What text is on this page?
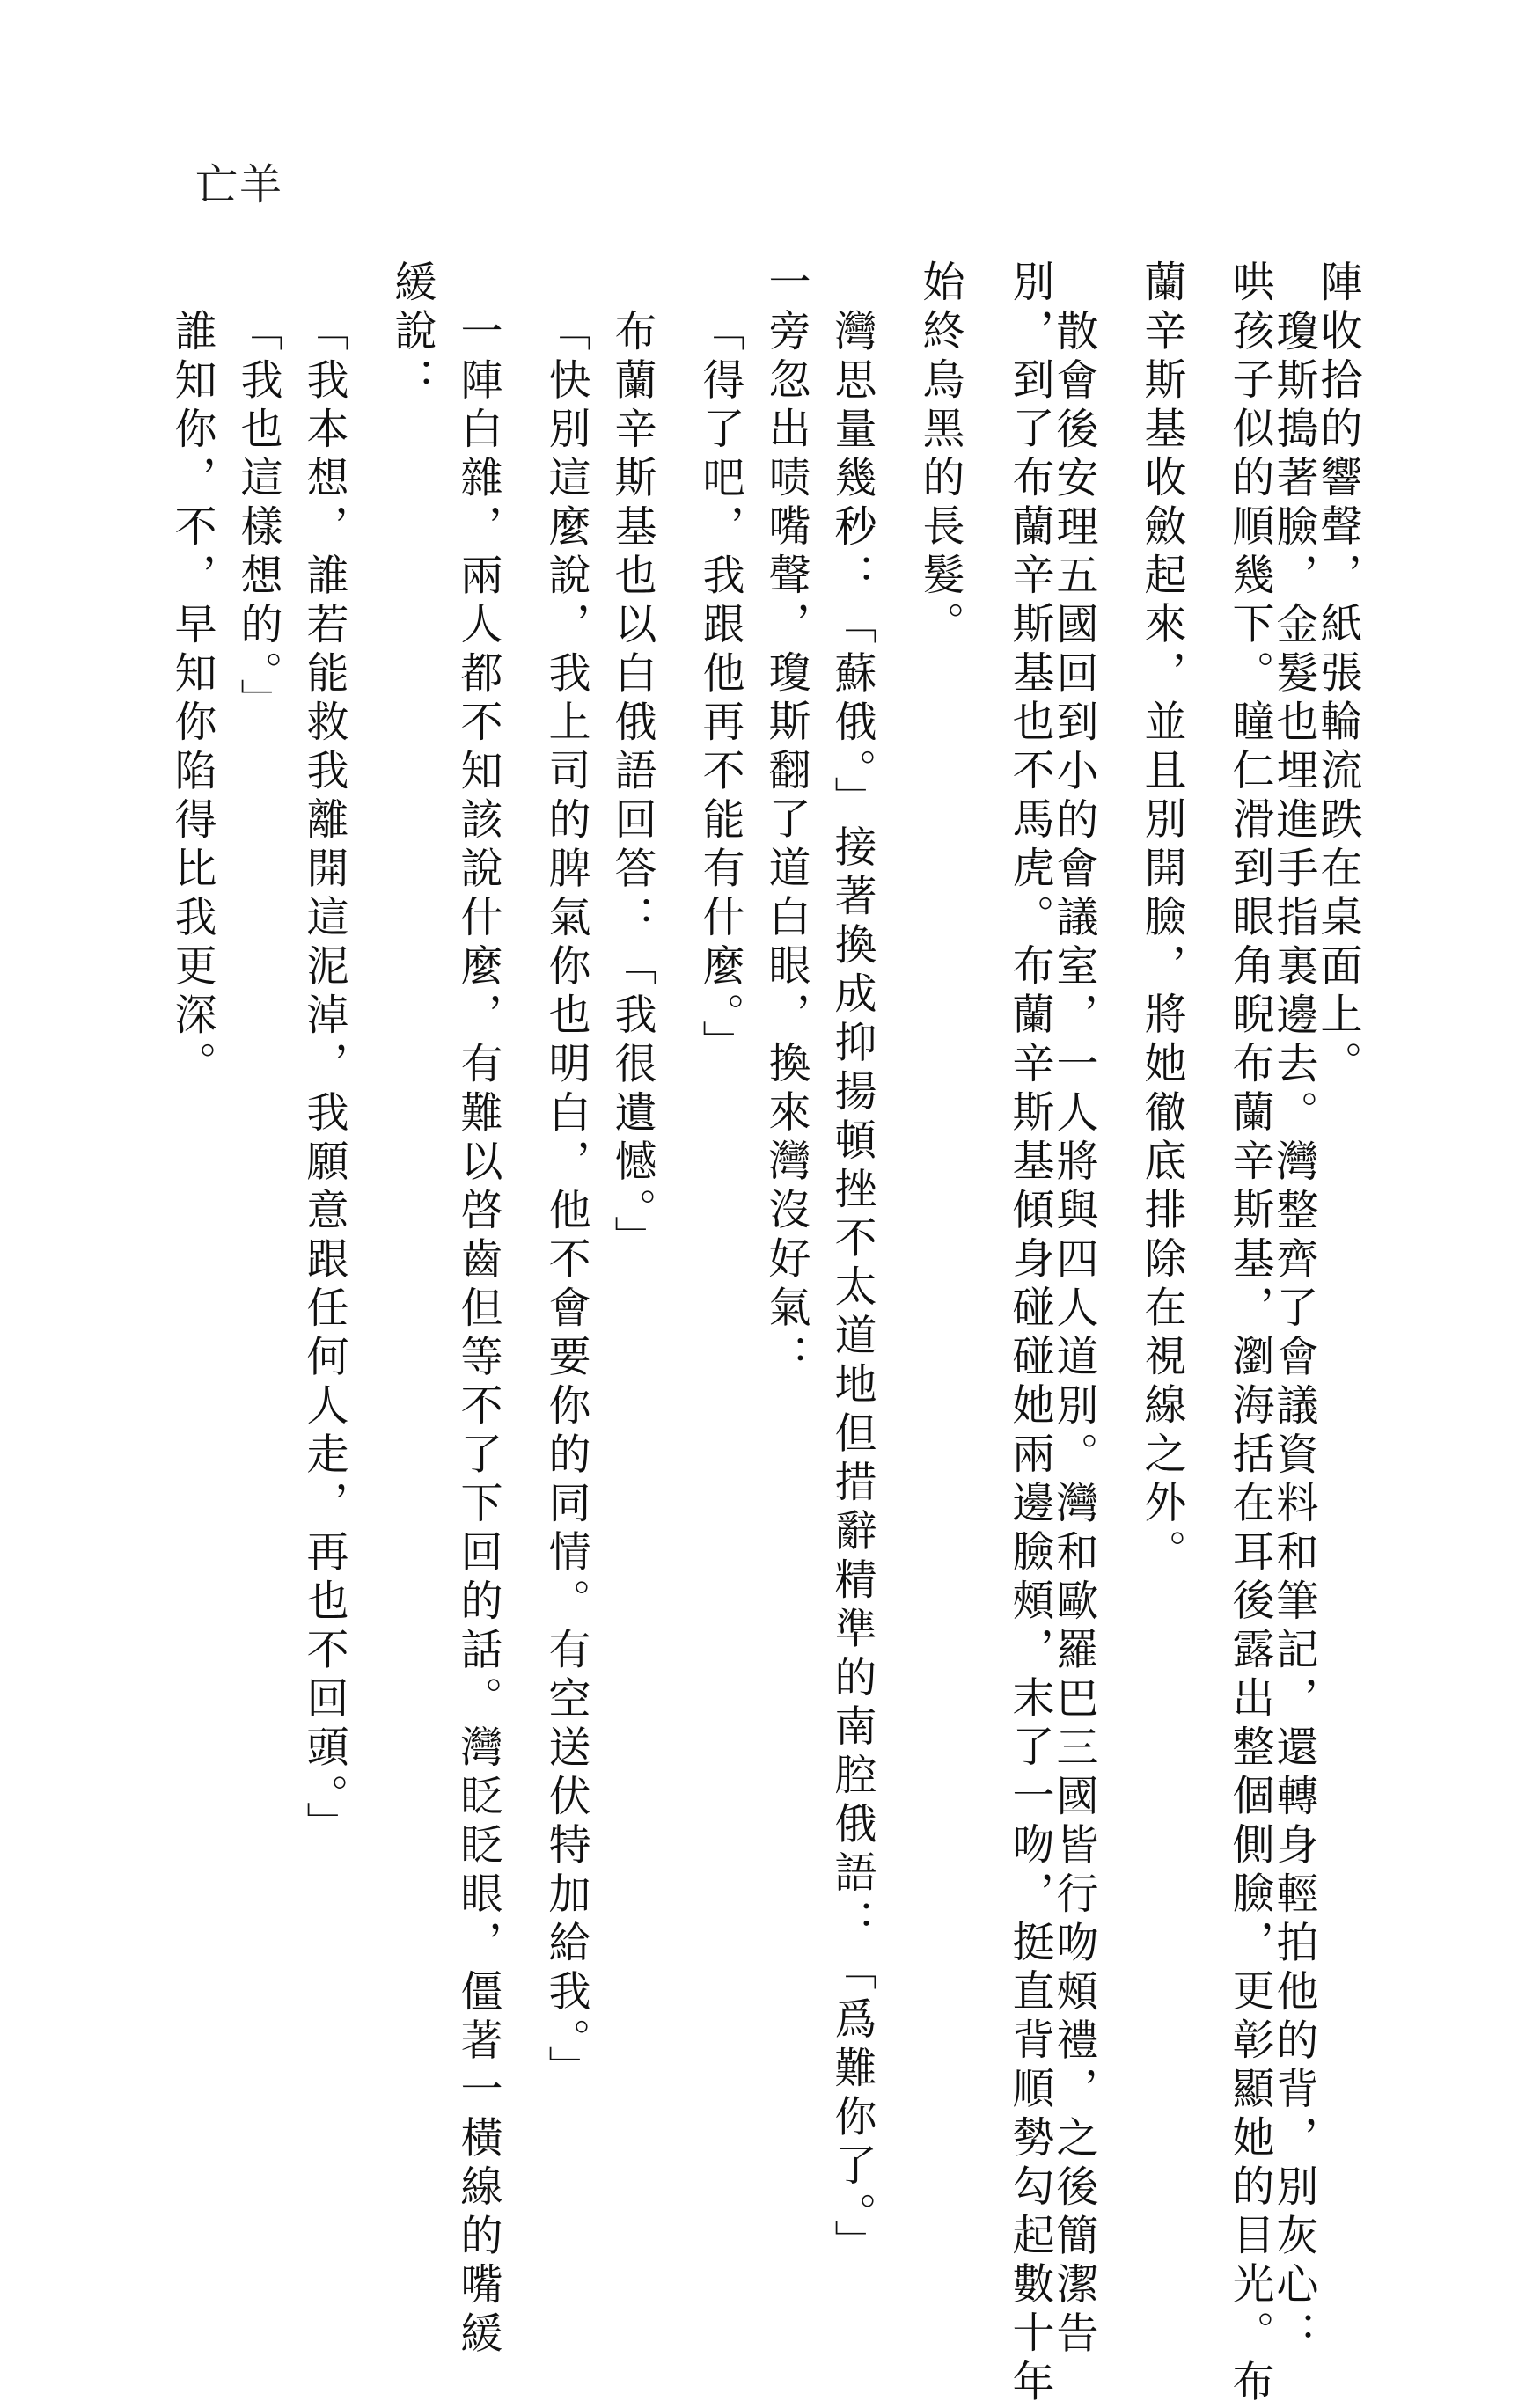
亡羊
陣收拾的響聲，紙張輪流跌在桌面上。
瓊斯搗著臉，金髮也埋進手指裏邊去。灣整齊了會議資料和筆記，還轉身輕拍他的背，別灰心：
哄孩子似的順幾下。瞳仁滑到眼角睨布蘭辛斯基，瀏海括在耳後露出整個側臉，更彰顯她的目光。布
蘭辛斯基收斂起來，並且別開臉，將她徹底排除在視線之外。
散會後安理五國回到小的會議室，一人將與四人道別。灣和歐羅巴三國皆行吻頰禮，之後簡潔告
別，到了布蘭辛斯基也不馬虎。布蘭辛斯基傾身碰碰她兩邊臉頰，末了一吻，挺直背順勢勾起數十年
始終烏黑的長髮。
灣思量幾秒：「蘇俄。」接著換成抑揚頓挫不太道地但措辭精準的南腔俄語：「爲難你了。」
一旁忽出啧嘴聲，瓊斯翻了道白眼，換來灣沒好氣：
「得了吧，我跟他再不能有什麼。」
布蘭辛斯基也以白俄語回答：「我很遺憾。」
「快別這麼說，我上司的脾氣你也明白，他不會要你的同情。有空送伏特加給我。」
一陣白雜，兩人都不知該說什麼，有難以啓齒但等不了下回的話。灣眨眨眼，僵著一橫線的嘴緩
緩說：
「我本想，誰若能救我離開這泥淖，我願意跟任何人走，再也不回頭。」
「我也這樣想的。」
誰知你，不，早知你陷得比我更深。
